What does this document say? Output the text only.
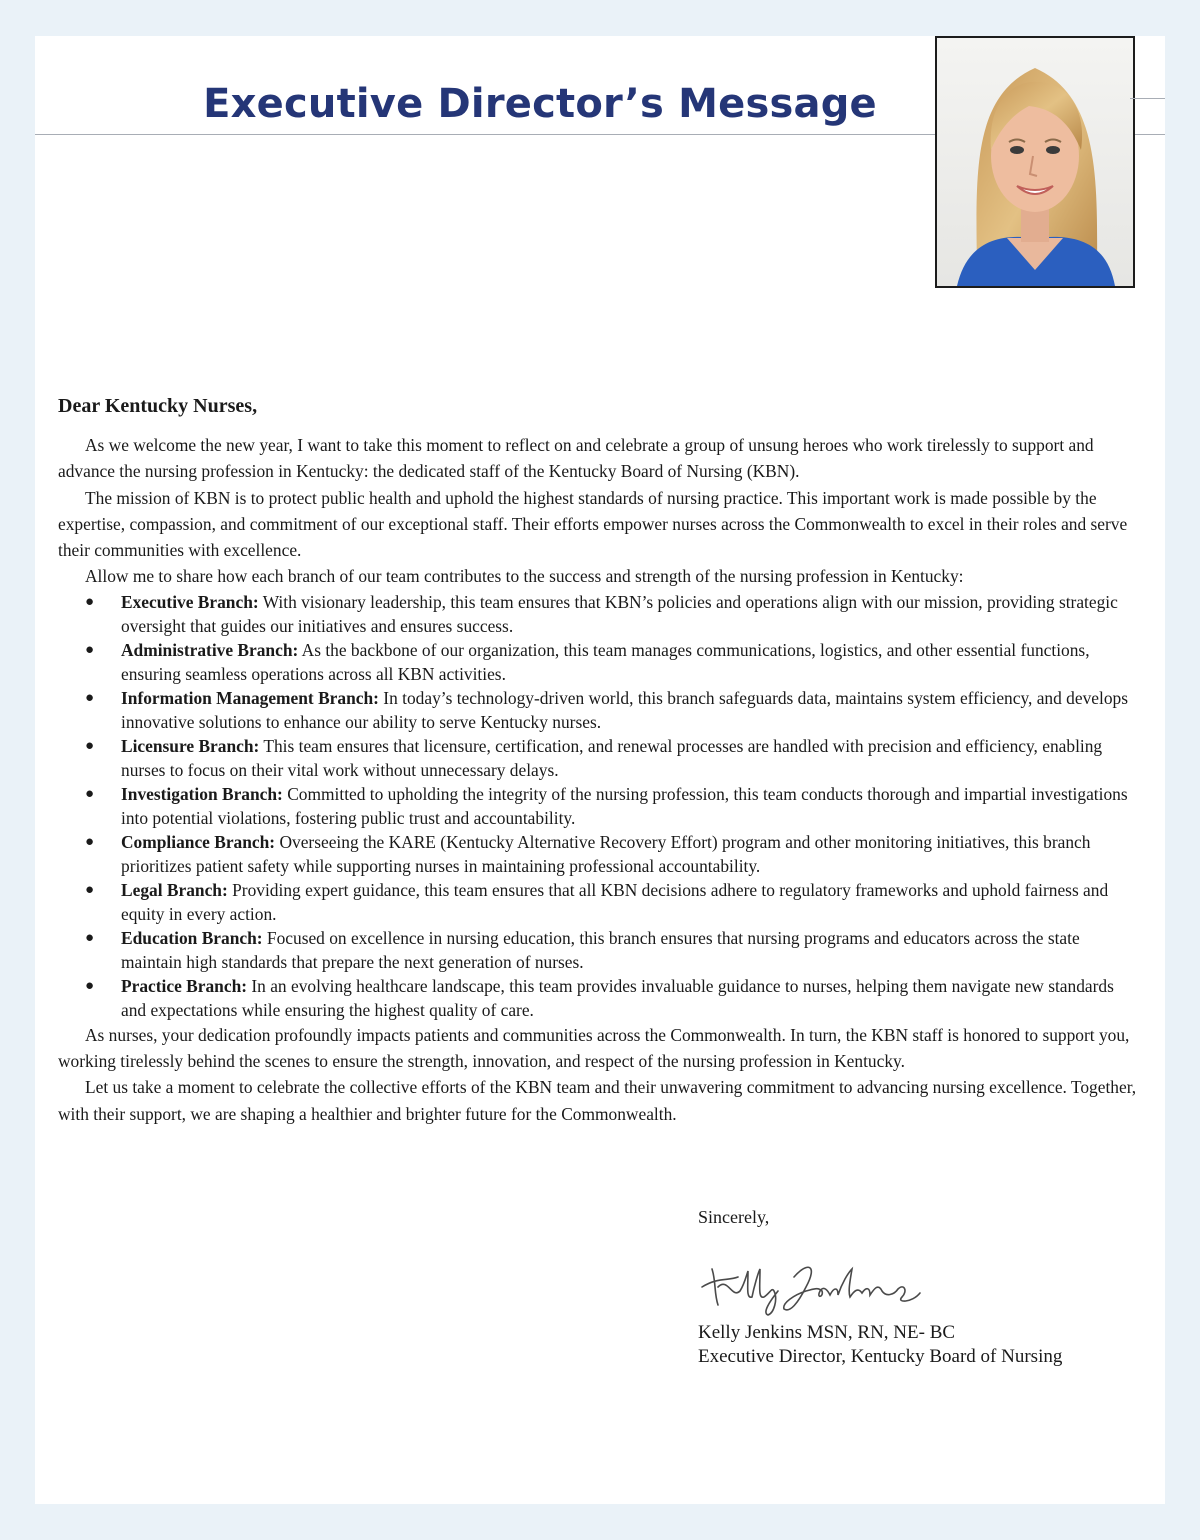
Executive Director’s Message

Dear Kentucky Nurses,

As we welcome the new year, I want to take this moment to reflect on and celebrate a group of unsung heroes who work tirelessly to support and advance the nursing profession in Kentucky: the dedicated staff of the Kentucky Board of Nursing (KBN).

The mission of KBN is to protect public health and uphold the highest standards of nursing practice. This important work is made possible by the expertise, compassion, and commitment of our exceptional staff. Their efforts empower nurses across the Commonwealth to excel in their roles and serve their communities with excellence.

Allow me to share how each branch of our team contributes to the success and strength of the nursing profession in Kentucky:

● Executive Branch: With visionary leadership, this team ensures that KBN’s policies and operations align with our mission, providing strategic oversight that guides our initiatives and ensures success.
● Administrative Branch: As the backbone of our organization, this team manages communications, logistics, and other essential functions, ensuring seamless operations across all KBN activities.
● Information Management Branch: In today’s technology-driven world, this branch safeguards data, maintains system efficiency, and develops innovative solutions to enhance our ability to serve Kentucky nurses.
● Licensure Branch: This team ensures that licensure, certification, and renewal processes are handled with precision and efficiency, enabling nurses to focus on their vital work without unnecessary delays.
● Investigation Branch: Committed to upholding the integrity of the nursing profession, this team conducts thorough and impartial investigations into potential violations, fostering public trust and accountability.
● Compliance Branch: Overseeing the KARE (Kentucky Alternative Recovery Effort) program and other monitoring initiatives, this branch prioritizes patient safety while supporting nurses in maintaining professional accountability.
● Legal Branch: Providing expert guidance, this team ensures that all KBN decisions adhere to regulatory frameworks and uphold fairness and equity in every action.
● Education Branch: Focused on excellence in nursing education, this branch ensures that nursing programs and educators across the state maintain high standards that prepare the next generation of nurses.
● Practice Branch: In an evolving healthcare landscape, this team provides invaluable guidance to nurses, helping them navigate new standards and expectations while ensuring the highest quality of care.

As nurses, your dedication profoundly impacts patients and communities across the Commonwealth. In turn, the KBN staff is honored to support you, working tirelessly behind the scenes to ensure the strength, innovation, and respect of the nursing profession in Kentucky.

Let us take a moment to celebrate the collective efforts of the KBN team and their unwavering commitment to advancing nursing excellence. Together, with their support, we are shaping a healthier and brighter future for the Commonwealth.

Sincerely,

Kelly Jenkins MSN, RN, NE- BC

Executive Director, Kentucky Board of Nursing
